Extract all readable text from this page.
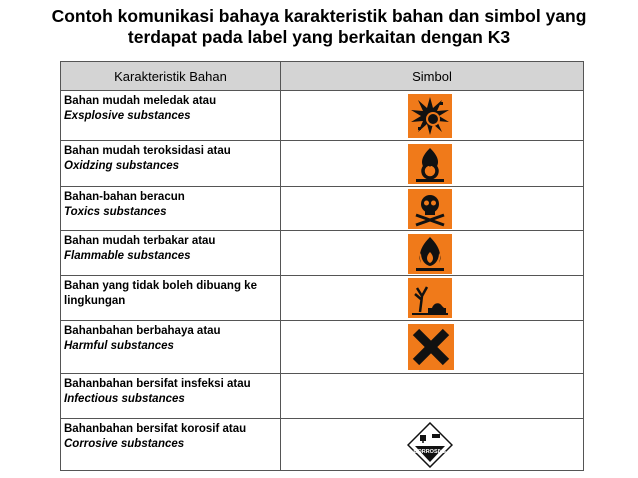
Contoh komunikasi bahaya karakteristik bahan dan simbol yang
terdapat pada label yang berkaitan dengan K3
Karakteristik Bahan	Simbol

Bahan mudah meledak atau
Exsplosive substances

Bahan mudah teroksidasi atau
Oxidzing substances

Bahan-bahan beracun
Toxics substances

Bahan mudah terbakar atau
Flammable substances

Bahan yang tidak boleh dibuang ke lingkungan

Bahanbahan berbahaya atau
Harmful substances

Bahanbahan bersifat insfeksi atau
Infectious substances	

Bahanbahan bersifat korosif atau
Corrosive substances	CORROSIVE
